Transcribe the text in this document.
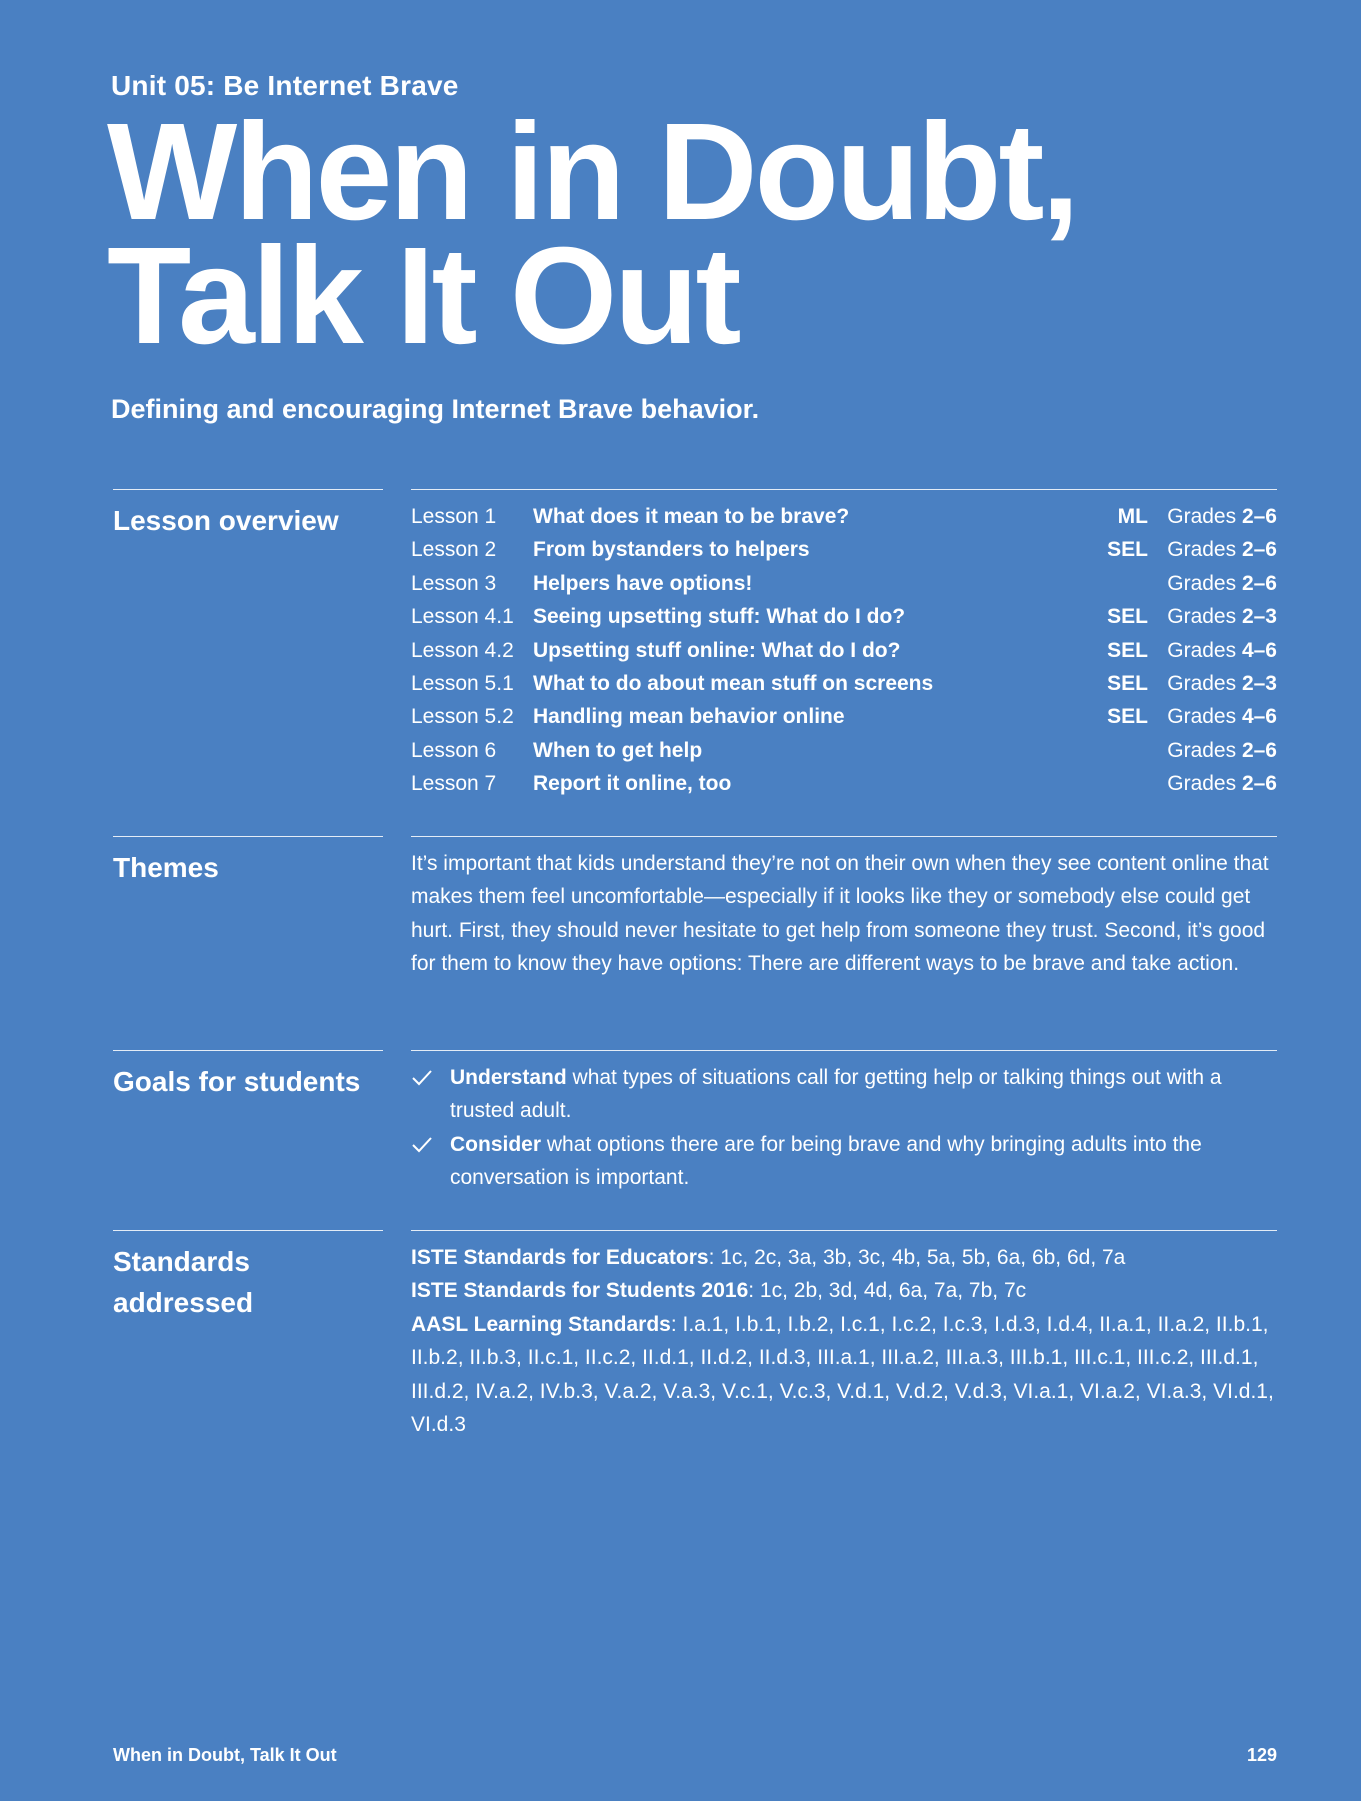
Unit 05: Be Internet Brave
When in Doubt,
Talk It Out
Defining and encouraging Internet Brave behavior.
Lesson overview	Lesson 1 What does it mean to be brave?	ML Grades 2–6
Lesson 2 From bystanders to helpers	SEL Grades 2–6
Lesson 3 Helpers have options!	Grades 2–6
Lesson 4.1 Seeing upsetting stuff: What do I do?	SEL Grades 2–3
Lesson 4.2 Upsetting stuff online: What do I do?	SEL Grades 4–6
Lesson 5.1 What to do about mean stuff on screens	SEL Grades 2–3
Lesson 5.2 Handling mean behavior online	SEL Grades 4–6
Lesson 6 When to get help	Grades 2–6
Lesson 7 Report it online, too	Grades 2–6
Themes	It’s important that kids understand they’re not on their own when they see content online that makes them feel uncomfortable—especially if it looks like they or somebody else could get hurt. First, they should never hesitate to get help from someone they trust. Second, it’s good for them to know they have options: There are different ways to be brave and take action.

Goals for students	Understand what types of situations call for getting help or talking things out with a trusted adult.
Consider what options there are for being brave and why bringing adults into the conversation is important.
Standards
addressed
ISTE Standards for Educators: 1c, 2c, 3a, 3b, 3c, 4b, 5a, 5b, 6a, 6b, 6d, 7a
ISTE Standards for Students 2016: 1c, 2b, 3d, 4d, 6a, 7a, 7b, 7c
AASL Learning Standards: I.a.1, I.b.1, I.b.2, I.c.1, I.c.2, I.c.3, I.d.3, I.d.4, II.a.1, II.a.2, II.b.1, II.b.2, II.b.3, II.c.1, II.c.2, II.d.1, II.d.2, II.d.3, III.a.1, III.a.2, III.a.3, III.b.1, III.c.1, III.c.2, III.d.1, III.d.2, IV.a.2, IV.b.3, V.a.2, V.a.3, V.c.1, V.c.3, V.d.1, V.d.2, V.d.3, VI.a.1, VI.a.2, VI.a.3, VI.d.1, VI.d.3
When in Doubt, Talk It Out	129
